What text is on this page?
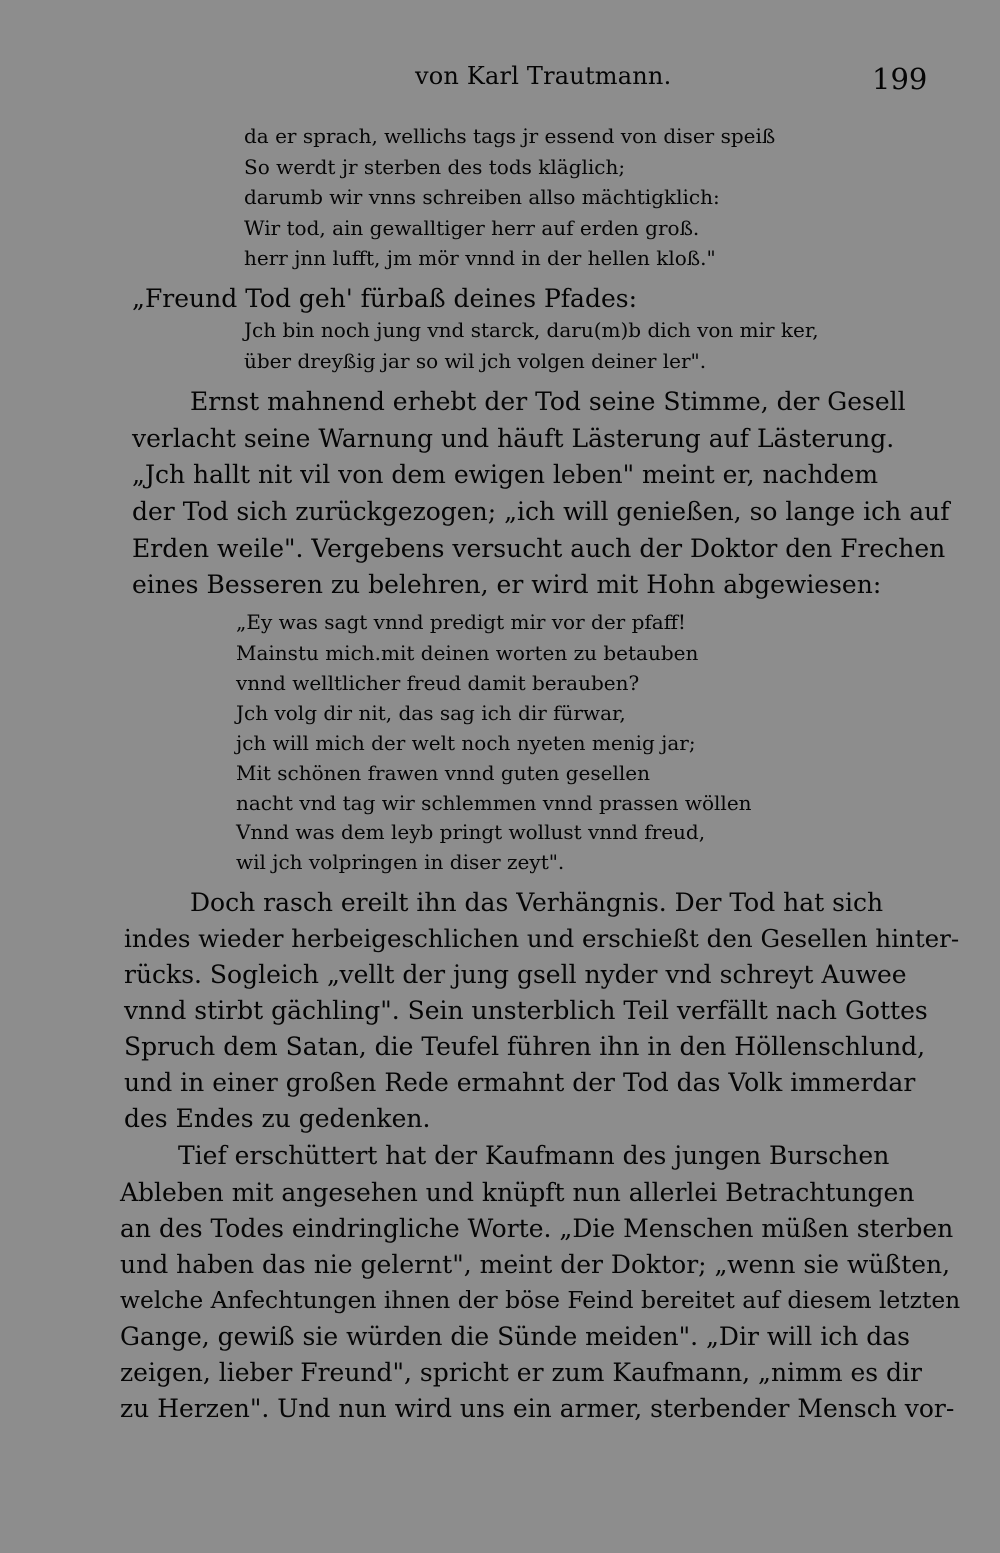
von Karl Trautmann.	199
da er sprach, wellichs tags jr essend von diser speiß
So werdt jr sterben des tods kläglich;
darumb wir vnns schreiben allso mächtigklich:
Wir tod, ain gewalltiger herr auf erden groß.
herr jnn lufft, jm mör vnnd in der hellen kloß."
„Freund Tod geh' fürbaß deines Pfades:
Jch bin noch jung vnd starck, daru(m)b dich von mir ker,
über dreyßig jar so wil jch volgen deiner ler".
Ernst mahnend erhebt der Tod seine Stimme, der Gesell
verlacht seine Warnung und häuft Lästerung auf Lästerung.
„Jch hallt nit vil von dem ewigen leben" meint er, nachdem
der Tod sich zurückgezogen; „ich will genießen, so lange ich auf
Erden weile". Vergebens versucht auch der Doktor den Frechen
eines Besseren zu belehren, er wird mit Hohn abgewiesen:
„Ey was sagt vnnd predigt mir vor der pfaff!
Mainstu mich.mit deinen worten zu betauben
vnnd welltlicher freud damit berauben?
Jch volg dir nit, das sag ich dir fürwar,
jch will mich der welt noch nyeten menig jar;
Mit schönen frawen vnnd guten gesellen
nacht vnd tag wir schlemmen vnnd prassen wöllen
Vnnd was dem leyb pringt wollust vnnd freud,
wil jch volpringen in diser zeyt".
Doch rasch ereilt ihn das Verhängnis. Der Tod hat sich
indes wieder herbeigeschlichen und erschießt den Gesellen hinter-
rücks. Sogleich „vellt der jung gsell nyder vnd schreyt Auwee
vnnd stirbt gächling". Sein unsterblich Teil verfällt nach Gottes
Spruch dem Satan, die Teufel führen ihn in den Höllenschlund,
und in einer großen Rede ermahnt der Tod das Volk immerdar
des Endes zu gedenken.
Tief erschüttert hat der Kaufmann des jungen Burschen
Ableben mit angesehen und knüpft nun allerlei Betrachtungen
an des Todes eindringliche Worte. „Die Menschen müßen sterben
und haben das nie gelernt", meint der Doktor; „wenn sie wüßten,
welche Anfechtungen ihnen der böse Feind bereitet auf diesem letzten
Gange, gewiß sie würden die Sünde meiden". „Dir will ich das
zeigen, lieber Freund", spricht er zum Kaufmann, „nimm es dir
zu Herzen". Und nun wird uns ein armer, sterbender Mensch vor-
